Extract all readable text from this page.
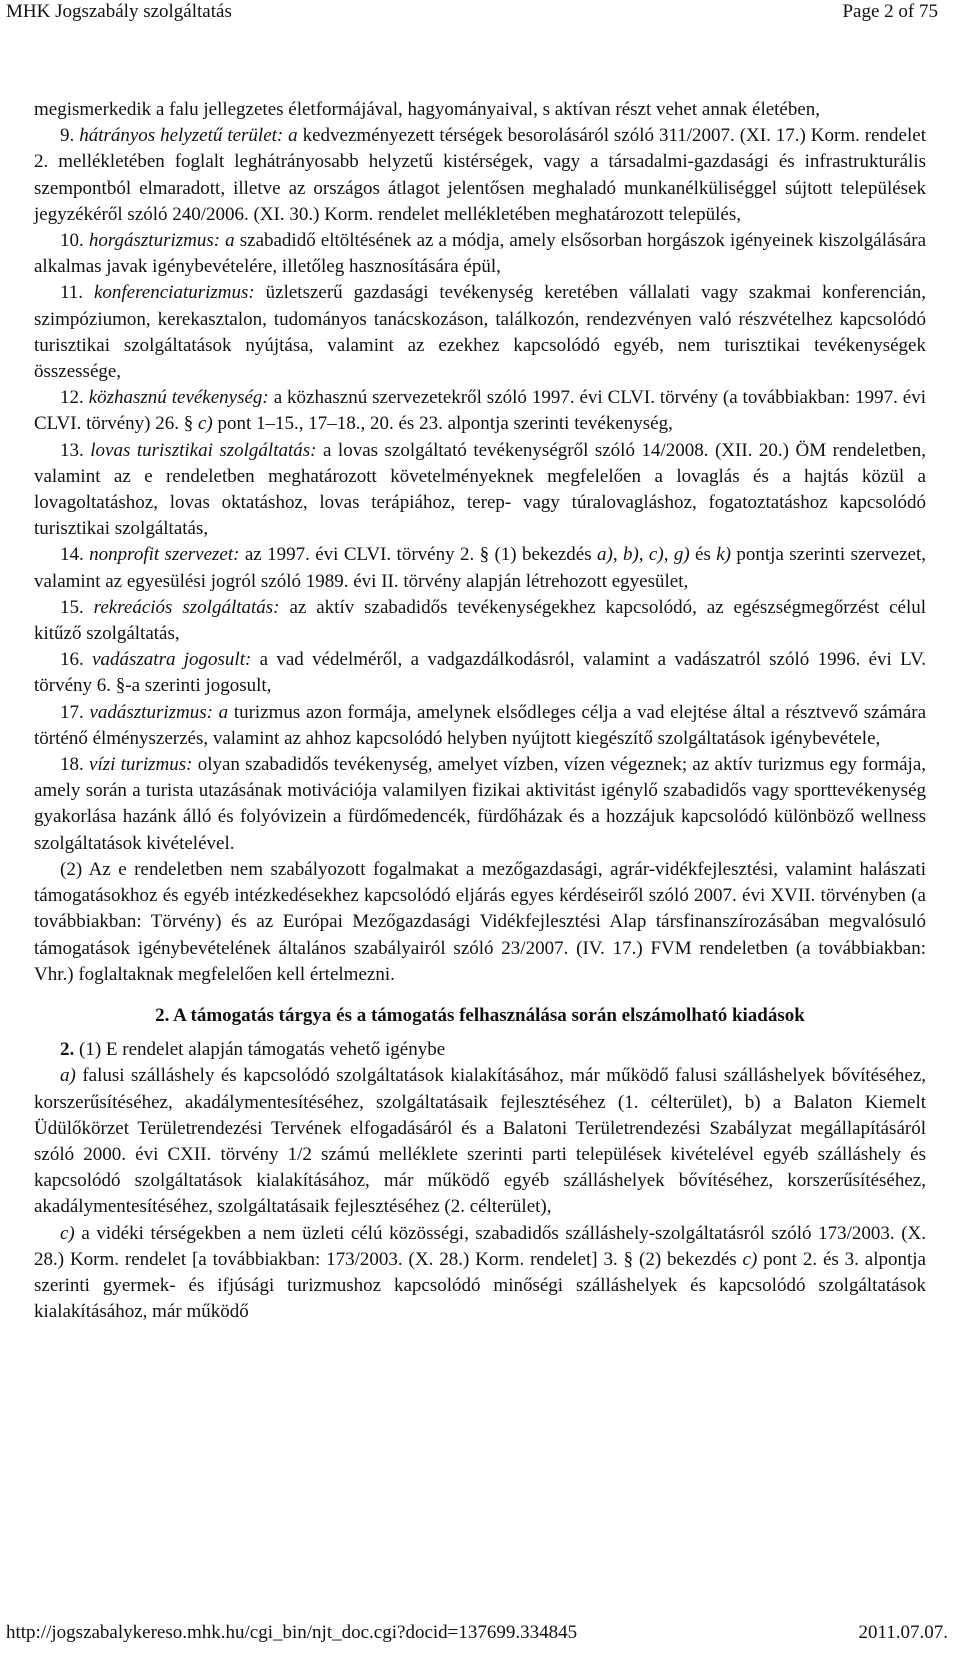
MHK Jogszabály szolgáltatás	Page 2 of 75

megismerkedik a falu jellegzetes életformájával, hagyományaival, s aktívan részt vehet annak életében,

9. hátrányos helyzetű terület: a kedvezményezett térségek besorolásáról szóló 311/2007. (XI. 17.) Korm. rendelet 2. mellékletében foglalt leghátrányosabb helyzetű kistérségek, vagy a társadalmi-gazdasági és infrastrukturális szempontból elmaradott, illetve az országos átlagot jelentősen meghaladó munkanélküliséggel sújtott települések jegyzékéről szóló 240/2006. (XI. 30.) Korm. rendelet mellékletében meghatározott település,

10. horgászturizmus: a szabadidő eltöltésének az a módja, amely elsősorban horgászok igényeinek kiszolgálására alkalmas javak igénybevételére, illetőleg hasznosítására épül,

11. konferenciaturizmus: üzletszerű gazdasági tevékenység keretében vállalati vagy szakmai konferencián, szimpóziumon, kerekasztalon, tudományos tanácskozáson, találkozón, rendezvényen való részvételhez kapcsolódó turisztikai szolgáltatások nyújtása, valamint az ezekhez kapcsolódó egyéb, nem turisztikai tevékenységek összessége,

12. közhasznú tevékenység: a közhasznú szervezetekről szóló 1997. évi CLVI. törvény (a továbbiakban: 1997. évi CLVI. törvény) 26. § c) pont 1–15., 17–18., 20. és 23. alpontja szerinti tevékenység,

13. lovas turisztikai szolgáltatás: a lovas szolgáltató tevékenységről szóló 14/2008. (XII. 20.) ÖM rendeletben, valamint az e rendeletben meghatározott követelményeknek megfelelően a lovaglás és a hajtás közül a lovagoltatáshoz, lovas oktatáshoz, lovas terápiához, terep- vagy túralovagláshoz, fogatoztatáshoz kapcsolódó turisztikai szolgáltatás,

14. nonprofit szervezet: az 1997. évi CLVI. törvény 2. § (1) bekezdés a), b), c), g) és k) pontja szerinti szervezet, valamint az egyesülési jogról szóló 1989. évi II. törvény alapján létrehozott egyesület,

15. rekreációs szolgáltatás: az aktív szabadidős tevékenységekhez kapcsolódó, az egészségmegőrzést célul kitűző szolgáltatás,

16. vadászatra jogosult: a vad védelméről, a vadgazdálkodásról, valamint a vadászatról szóló 1996. évi LV. törvény 6. §-a szerinti jogosult,

17. vadászturizmus: a turizmus azon formája, amelynek elsődleges célja a vad elejtése által a résztvevő számára történő élményszerzés, valamint az ahhoz kapcsolódó helyben nyújtott kiegészítő szolgáltatások igénybevétele,

18. vízi turizmus: olyan szabadidős tevékenység, amelyet vízben, vízen végeznek; az aktív turizmus egy formája, amely során a turista utazásának motivációja valamilyen fizikai aktivitást igénylő szabadidős vagy sporttevékenység gyakorlása hazánk álló és folyóvizein a fürdőmedencék, fürdőházak és a hozzájuk kapcsolódó különböző wellness szolgáltatások kivételével.

(2) Az e rendeletben nem szabályozott fogalmakat a mezőgazdasági, agrár-vidékfejlesztési, valamint halászati támogatásokhoz és egyéb intézkedésekhez kapcsolódó eljárás egyes kérdéseiről szóló 2007. évi XVII. törvényben (a továbbiakban: Törvény) és az Európai Mezőgazdasági Vidékfejlesztési Alap társfinanszírozásában megvalósuló támogatások igénybevételének általános szabályairól szóló 23/2007. (IV. 17.) FVM rendeletben (a továbbiakban: Vhr.) foglaltaknak megfelelően kell értelmezni.

2. A támogatás tárgya és a támogatás felhasználása során elszámolható kiadások

2. (1) E rendelet alapján támogatás vehető igénybe

a) falusi szálláshely és kapcsolódó szolgáltatások kialakításához, már működő falusi szálláshelyek bővítéséhez, korszerűsítéséhez, akadálymentesítéséhez, szolgáltatásaik fejlesztéséhez (1. célterület), b) a Balaton Kiemelt Üdülőkörzet Területrendezési Tervének elfogadásáról és a Balatoni Területrendezési Szabályzat megállapításáról szóló 2000. évi CXII. törvény 1/2 számú melléklete szerinti parti települések kivételével egyéb szálláshely és kapcsolódó szolgáltatások kialakításához, már működő egyéb szálláshelyek bővítéséhez, korszerűsítéséhez, akadálymentesítéséhez, szolgáltatásaik fejlesztéséhez (2. célterület),

c) a vidéki térségekben a nem üzleti célú közösségi, szabadidős szálláshely-szolgáltatásról szóló 173/2003. (X. 28.) Korm. rendelet [a továbbiakban: 173/2003. (X. 28.) Korm. rendelet] 3. § (2) bekezdés c) pont 2. és 3. alpontja szerinti gyermek- és ifjúsági turizmushoz kapcsolódó minőségi szálláshelyek és kapcsolódó szolgáltatások kialakításához, már működő

http://jogszabalykereso.mhk.hu/cgi_bin/njt_doc.cgi?docid=137699.334845	2011.07.07.
